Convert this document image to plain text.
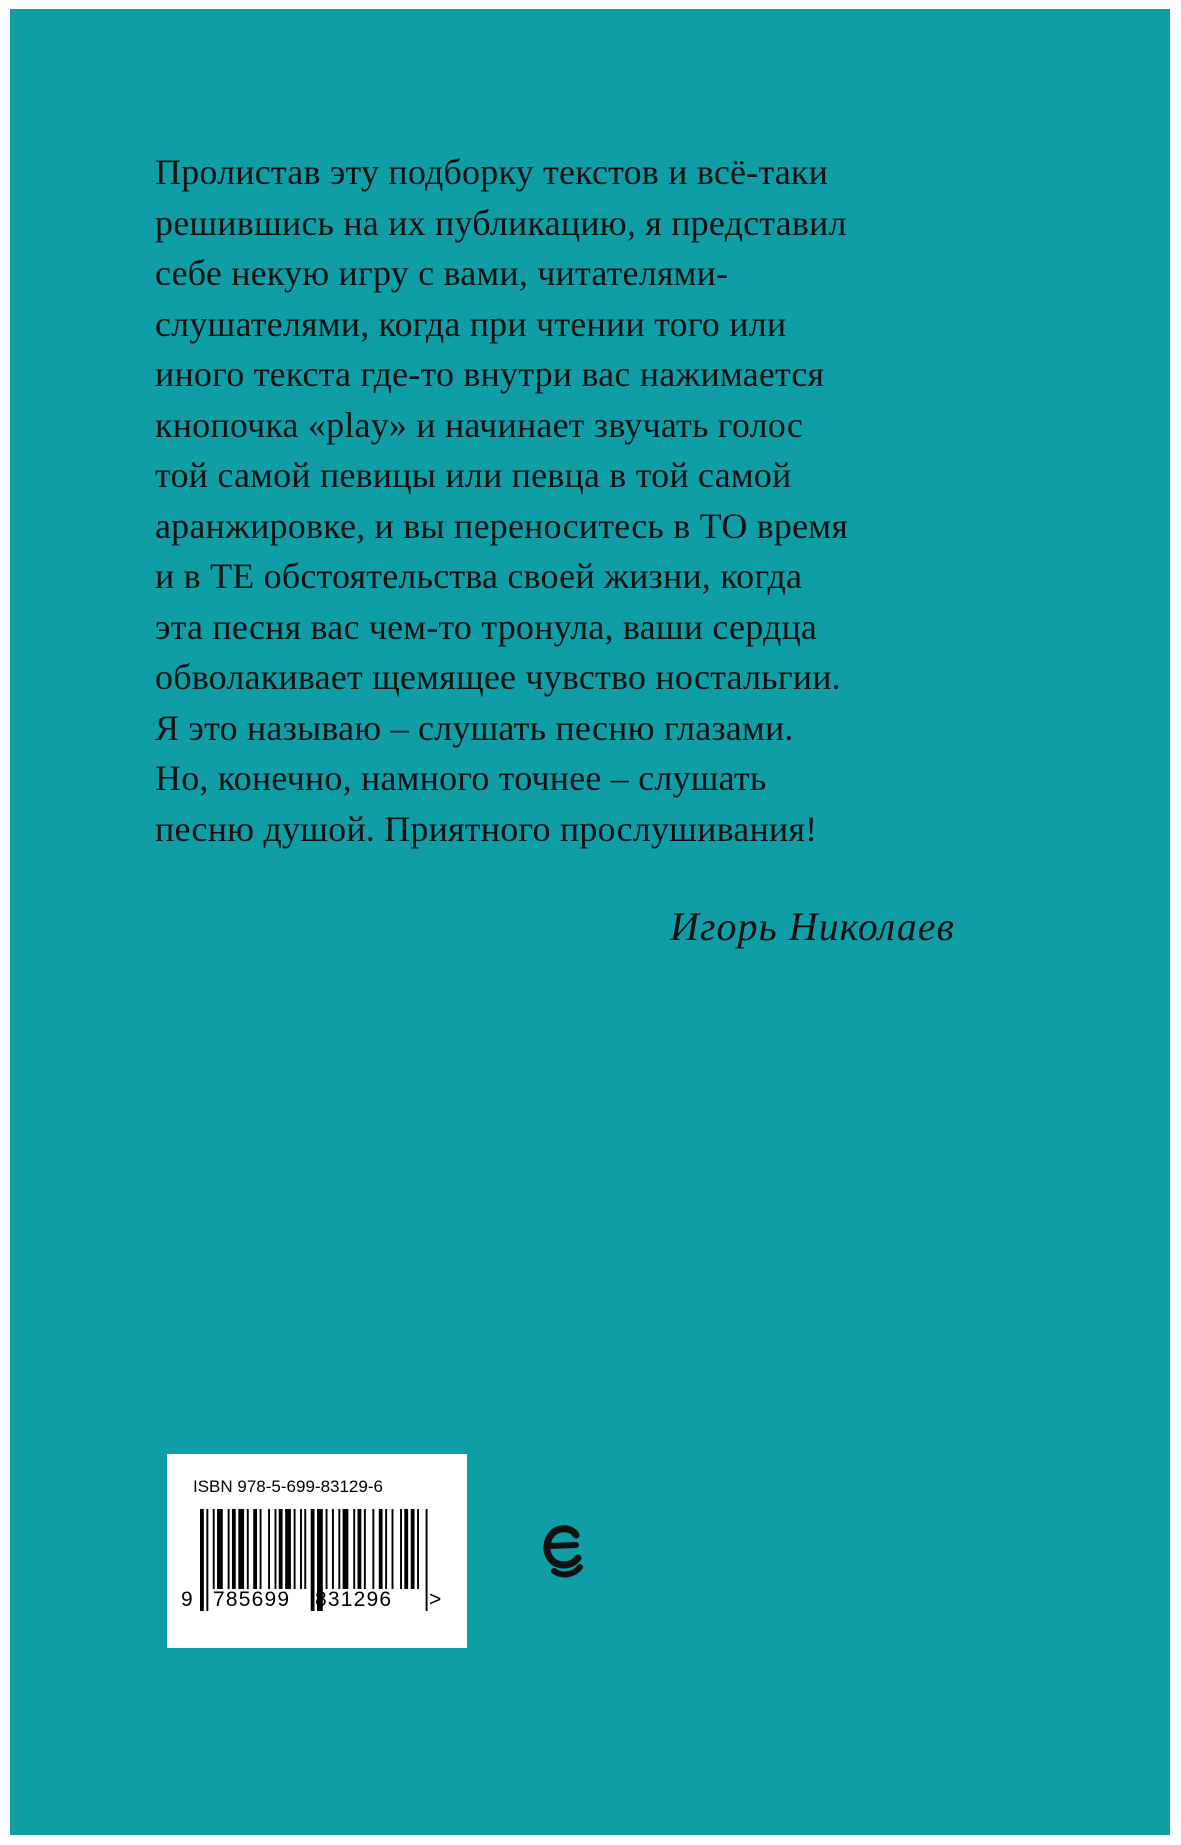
Пролистав эту подборку текстов и всё-таки
решившись на их публикацию, я представил
себе некую игру с вами, читателями-
слушателями, когда при чтении того или
иного текста где-то внутри вас нажимается
кнопочка «play» и начинает звучать голос
той самой певицы или певца в той самой
аранжировке, и вы переноситесь в ТО время
и в ТЕ обстоятельства своей жизни, когда
эта песня вас чем-то тронула, ваши сердца
обволакивает щемящее чувство ностальгии.
Я это называю – слушать песню глазами.
Но, конечно, намного точнее – слушать
песню душой. Приятного прослушивания!

Игорь Николаев
ISBN 978-5-699-83129-6
9 785699 831296 >
